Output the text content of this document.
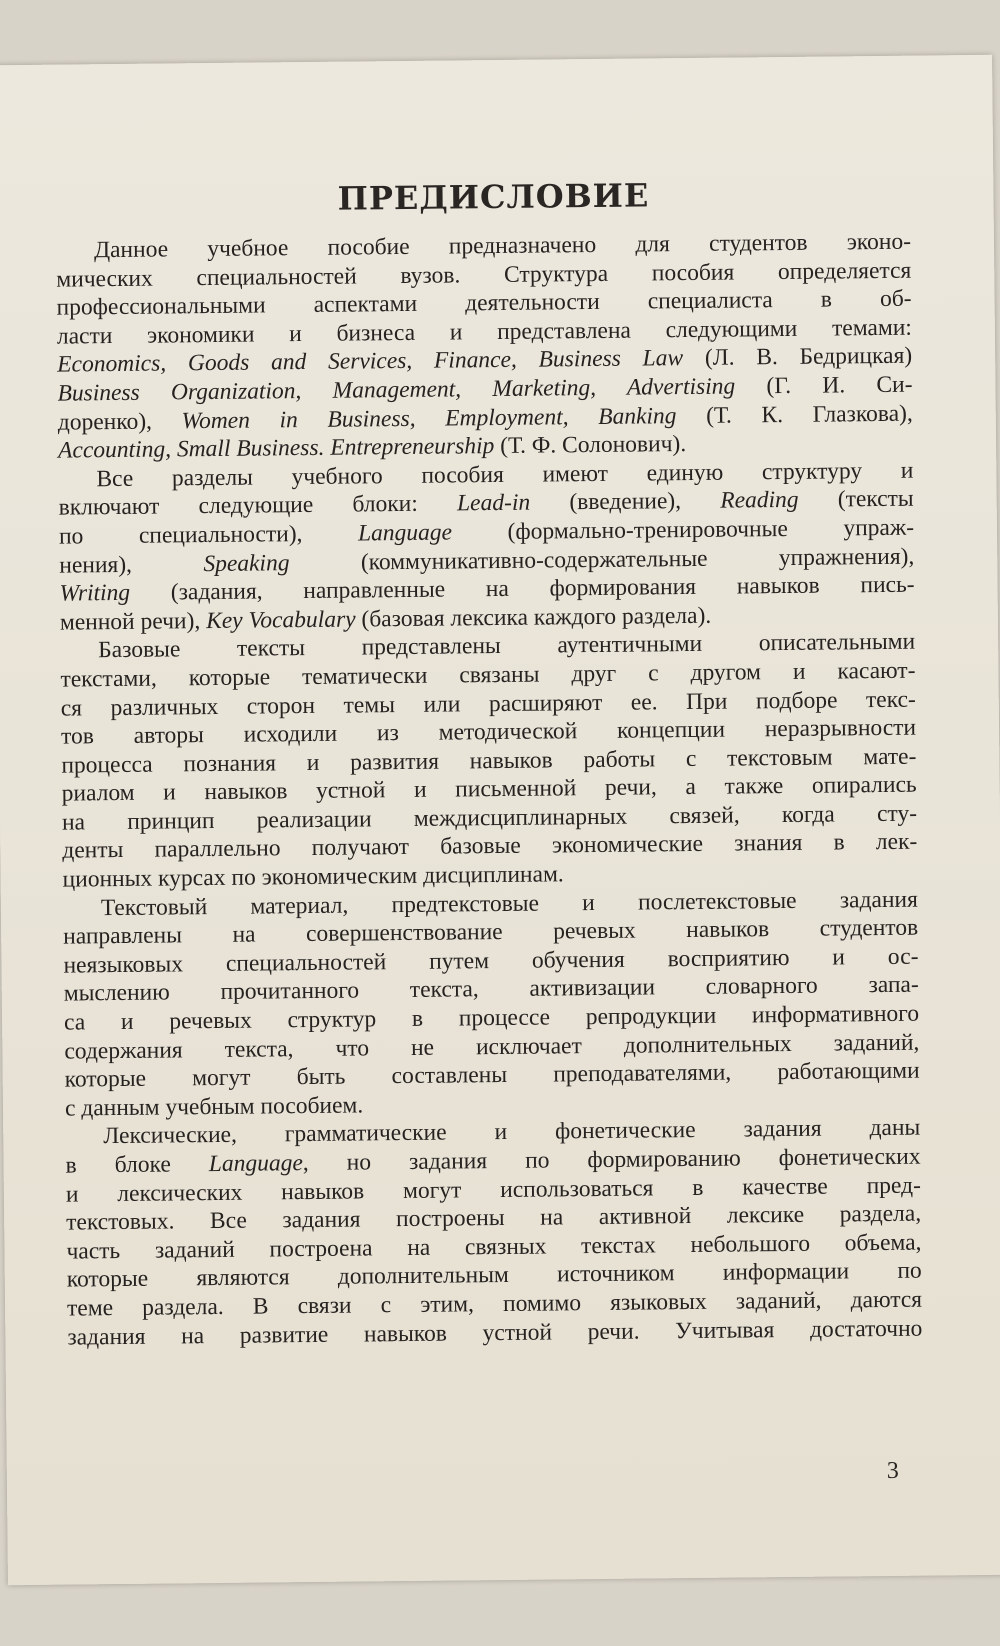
ПРЕДИСЛОВИЕ
Данное учебное пособие предназначено для студентов эконо-
мических специальностей вузов. Структура пособия определяется
профессиональными аспектами деятельности специалиста в об-
ласти экономики и бизнеса и представлена следующими темами:
Economics, Goods and Services, Finance, Business Law (Л. В. Бедрицкая)
Business Organization, Management, Marketing, Advertising (Г. И. Си-
доренко), Women in Business, Employment, Banking (Т. К. Глазкова),
Accounting, Small Business. Entrepreneurship (Т. Ф. Солонович).
Все разделы учебного пособия имеют единую структуру и
включают следующие блоки: Lead-in (введение), Reading (тексты
по специальности), Language (формально-тренировочные упраж-
нения), Speaking (коммуникативно-содержательные упражнения),
Writing (задания, направленные на формирования навыков пись-
менной речи), Key Vocabulary (базовая лексика каждого раздела).
Базовые тексты представлены аутентичными описательными
текстами, которые тематически связаны друг с другом и касают-
ся различных сторон темы или расширяют ее. При подборе текс-
тов авторы исходили из методической концепции неразрывности
процесса познания и развития навыков работы с текстовым мате-
риалом и навыков устной и письменной речи, а также опирались
на принцип реализации междисциплинарных связей, когда сту-
денты параллельно получают базовые экономические знания в лек-
ционных курсах по экономическим дисциплинам.
Текстовый материал, предтекстовые и послетекстовые задания
направлены на совершенствование речевых навыков студентов
неязыковых специальностей путем обучения восприятию и ос-
мыслению прочитанного текста, активизации словарного запа-
са и речевых структур в процессе репродукции информативного
содержания текста, что не исключает дополнительных заданий,
которые могут быть составлены преподавателями, работающими
с данным учебным пособием.
Лексические, грамматические и фонетические задания даны
в блоке Language, но задания по формированию фонетических
и лексических навыков могут использоваться в качестве пред-
текстовых. Все задания построены на активной лексике раздела,
часть заданий построена на связных текстах небольшого объема,
которые являются дополнительным источником информации по
теме раздела. В связи с этим, помимо языковых заданий, даются
задания на развитие навыков устной речи. Учитывая достаточно
3
